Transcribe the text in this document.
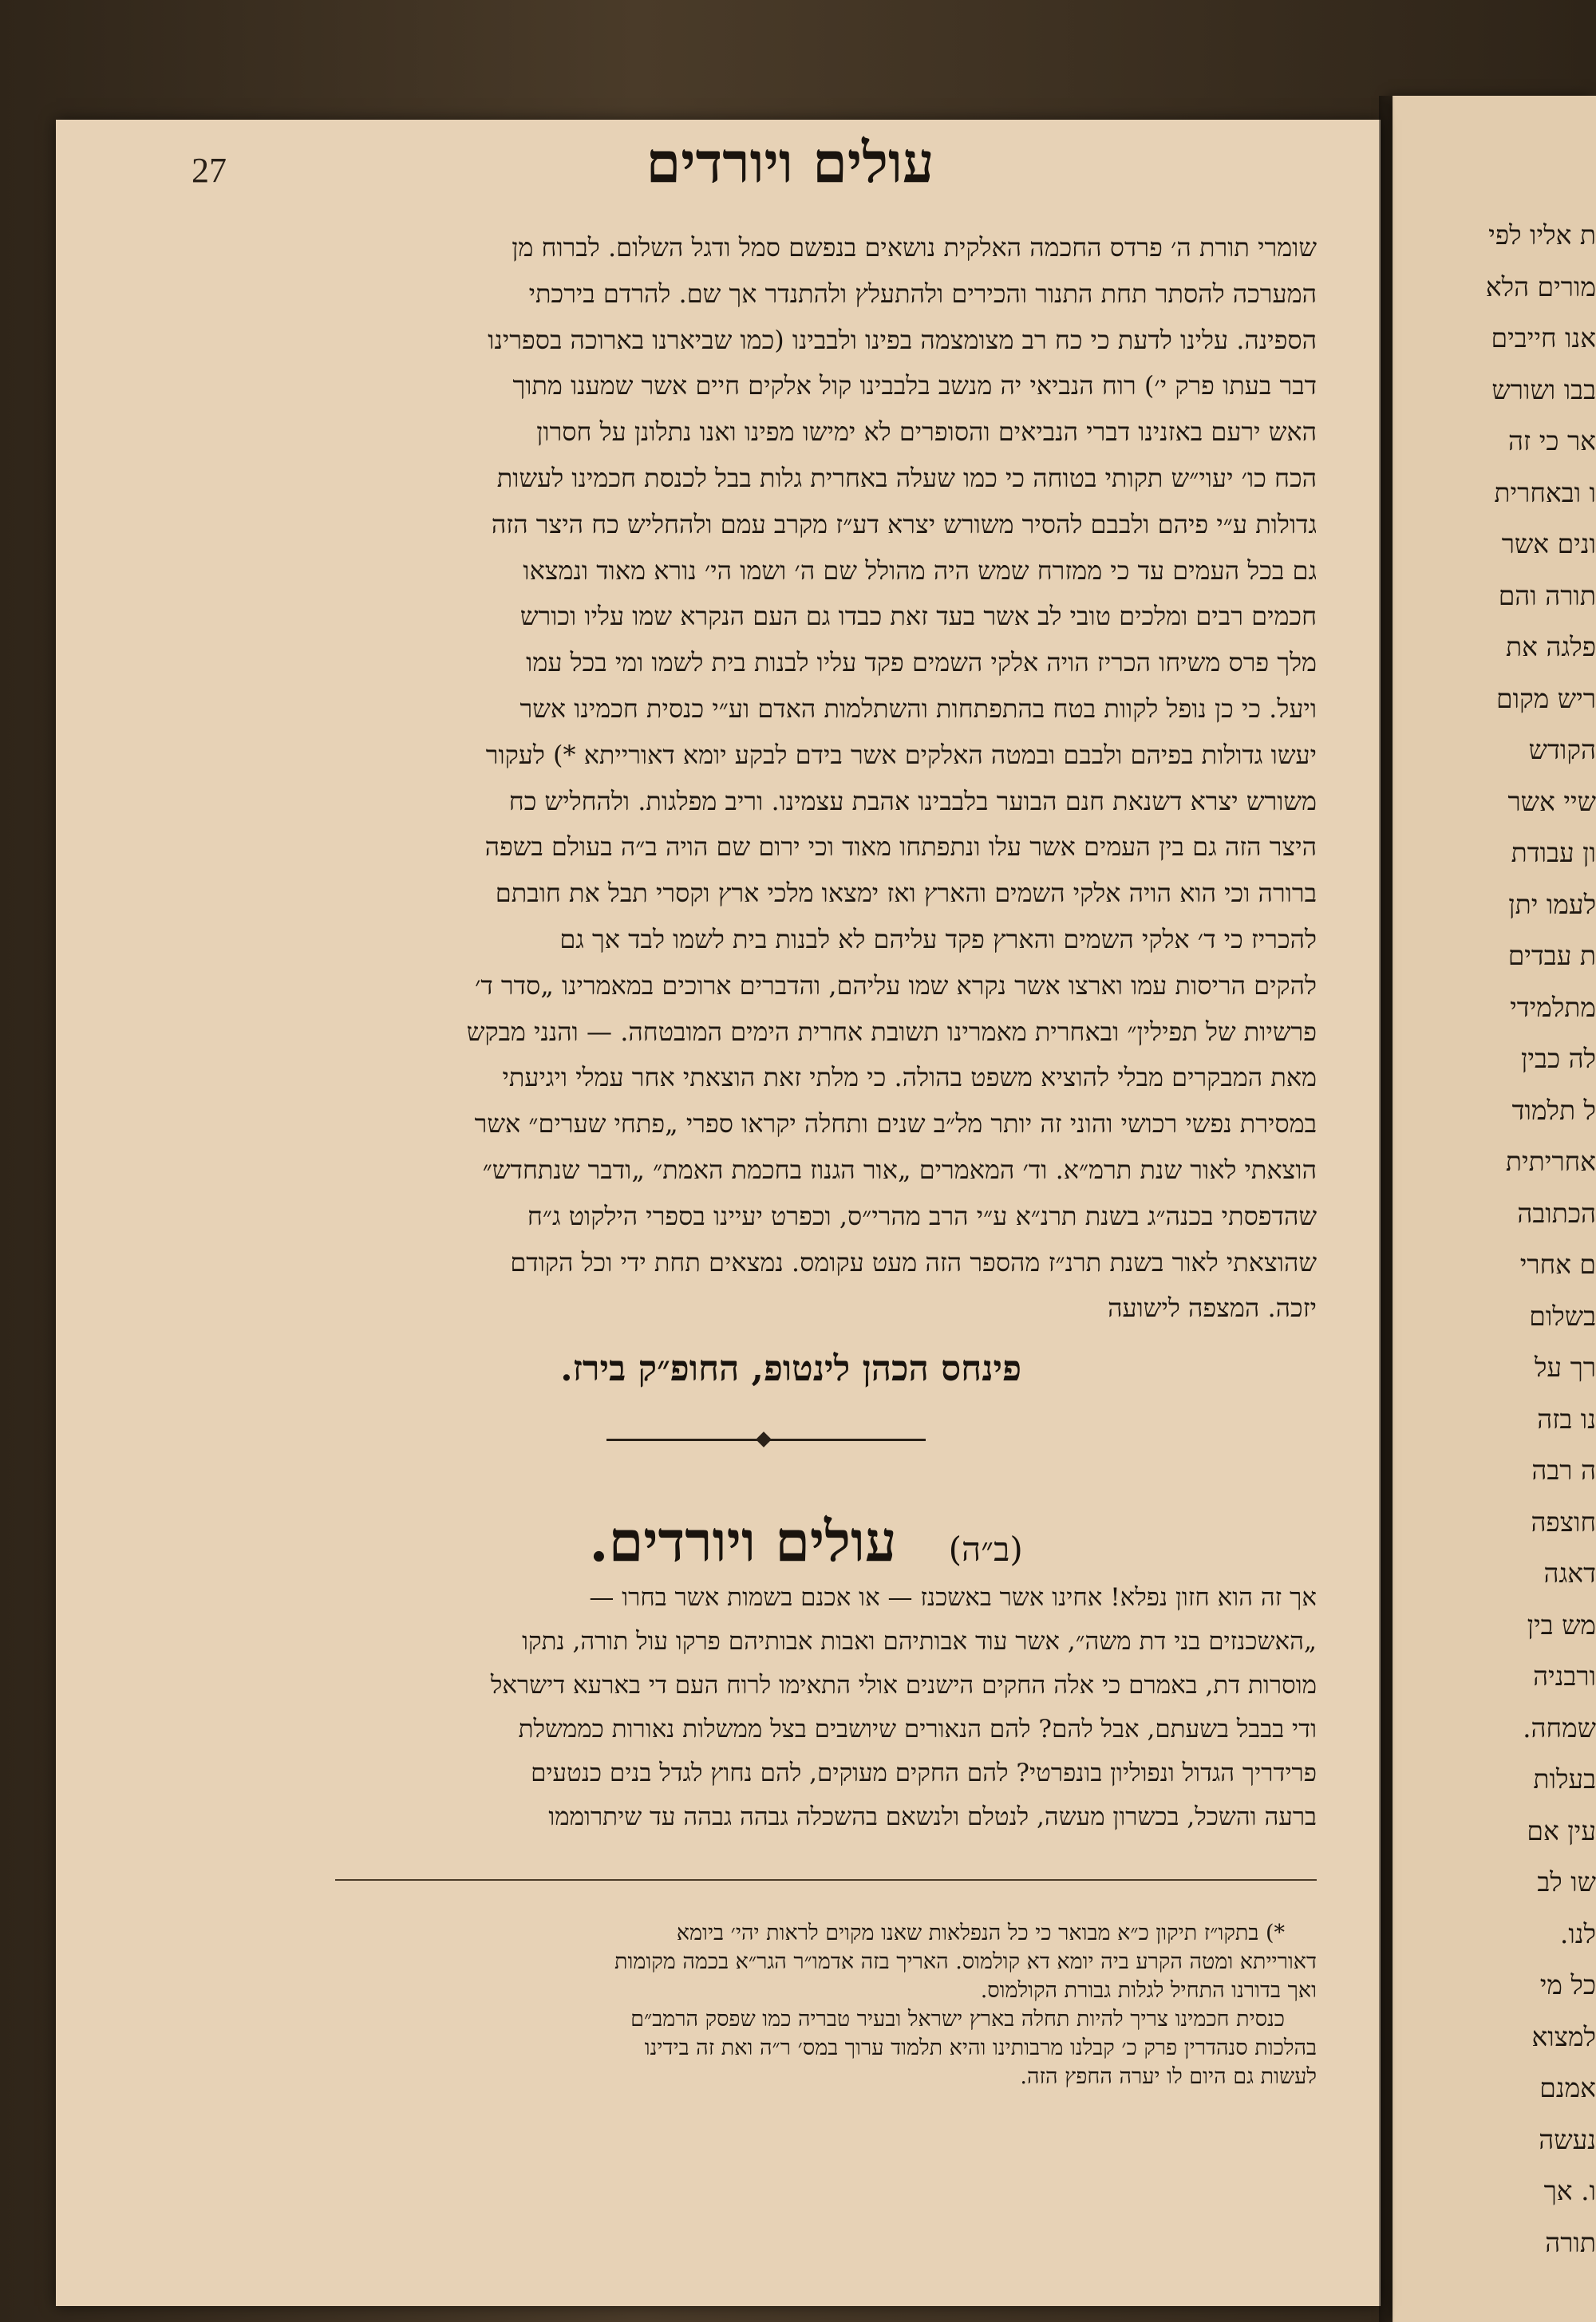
ת אליו לפי
מורים הלא
אנו חייבים
בבו ושורש
אר כי זה
ו ובאחרית
ונים אשר
תורה והם
פלגה את
ריש מקום
הקודש
שיי אשר
ון עבודת
לעמו יתן
ת עבדים
מתלמידי
לה כבין
ל תלמוד
אחריתית
הכתובה
ם אחרי
בשלום
רך על
נו בזה
ה רבה
חוצפה
דאגה
מש בין
ורבניה
שמחה.
בעלות
עין אם
שו לב
לנו.
כל מי
למצוא
אמנם
נעשה
ו. אך
תורה
27	עולים ויורדים
שומרי תורת ה׳ פרדס החכמה האלקית נושאים בנפשם סמל ודגל השלום. לברוח מן
המערכה להסתר תחת התנור והכירים ולהתעלץ ולהתנדר אך שם. להרדם בירכתי
הספינה. עלינו לדעת כי כח רב מצומצמה בפינו ולבבינו (כמו שביארנו בארוכה בספרינו
דבר בעתו פרק י׳) רוח הנביאי יה מנשב בלבבינו קול אלקים חיים אשר שמענו מתוך
האש ירעם באזנינו דברי הנביאים והסופרים לא ימישו מפינו ואנו נתלונן על חסרון
הכח כו׳ יעוי״ש תקותי בטוחה כי כמו שעלה באחרית גלות בבל לכנסת חכמינו לעשות
גדולות ע״י פיהם ולבבם להסיר משורש יצרא דע״ז מקרב עמם ולהחליש כח היצר הזה
גם בכל העמים עד כי ממזרח שמש היה מהולל שם ה׳ ושמו הי׳ נורא מאוד ונמצאו
חכמים רבים ומלכים טובי לב אשר בעד זאת כבדו גם העם הנקרא שמו עליו וכורש
מלך פרס משיחו הכריז הויה אלקי השמים פקד עליו לבנות בית לשמו ומי בכל עמו
ויעל. כי כן נופל לקוות בטח בהתפתחות והשתלמות האדם וע״י כנסית חכמינו אשר
יעשו גדולות בפיהם ולבבם ובמטה האלקים אשר בידם לבקע יומא דאורייתא *) לעקור
משורש יצרא דשנאת חנם הבוער בלבבינו אהבת עצמינו. וריב מפלגות. ולהחליש כח
היצר הזה גם בין העמים אשר עלו ונתפתחו מאוד וכי ירום שם הויה ב״ה בעולם בשפה
ברורה וכי הוא הויה אלקי השמים והארץ ואז ימצאו מלכי ארץ וקסרי תבל את חובתם
להכריז כי ד׳ אלקי השמים והארץ פקד עליהם לא לבנות בית לשמו לבד אך גם
להקים הריסות עמו וארצו אשר נקרא שמו עליהם, והדברים ארוכים במאמרינו „סדר ד׳
פרשיות של תפילין״ ובאחרית מאמרינו תשובת אחרית הימים המובטחה. — והנני מבקש
מאת המבקרים מבלי להוציא משפט בהולה. כי מלתי זאת הוצאתי אחר עמלי ויגיעתי
במסירת נפשי רכושי והוני זה יותר מל״ב שנים ותחלה יקראו ספרי „פתחי שערים״ אשר
הוצאתי לאור שנת תרמ״א. וד׳ המאמרים „אור הגנוז בחכמת האמת״ „ודבר שנתחדש״
שהדפסתי בכנה״ג בשנת תרנ״א ע״י הרב מהרי״ס, וכפרט יעיינו בספרי הילקוט ג״ח
שהוצאתי לאור בשנת תרנ״ז מהספר הזה מעט עקומס. נמצאים תחת ידי וכל הקודם
יזכה. המצפה לישועה
פינחס הכהן לינטופ, החופ״ק בירז.
(ב״ה) עולים ויורדים.
אך זה הוא חזון נפלא! אחינו אשר באשכנז — או אכנם בשמות אשר בחרו —
„האשכנזים בני דת משה״, אשר עוד אבותיהם ואבות אבותיהם פרקו עול תורה, נתקו
מוסרות דת, באמרם כי אלה החקים הישנים אולי התאימו לרוח העם די בארעא דישראל
ודי בבבל בשעתם, אבל להם? להם הנאורים שיושבים בצל ממשלות נאורות כממשלת
פרידריך הגדול ונפוליון בונפרטי? להם החקים מעוקים, להם נחוץ לגדל בנים כנטעים
ברעה והשכל, בכשרון מעשה, לנטלם ולנשאם בהשכלה גבהה גבהה עד שיתרוממו
*) בתקו״ז תיקון כ״א מבואר כי כל הנפלאות שאנו מקוים לראות יהי׳ ביומא
דאורייתא ומטה הקרע ביה יומא דא קולמוס. האריך בזה אדמו״ר הגר״א בכמה מקומות
ואך בדורנו התחיל לגלות גבורת הקולמוס.
כנסית חכמינו צריך להיות תחלה בארץ ישראל ובעיר טבריה כמו שפסק הרמב״ם
בהלכות סנהדרין פרק כ׳ קבלנו מרבותינו והיא תלמוד ערוך במס׳ ר״ה ואת זה בידינו
לעשות גם היום לו יערה החפץ הזה.
